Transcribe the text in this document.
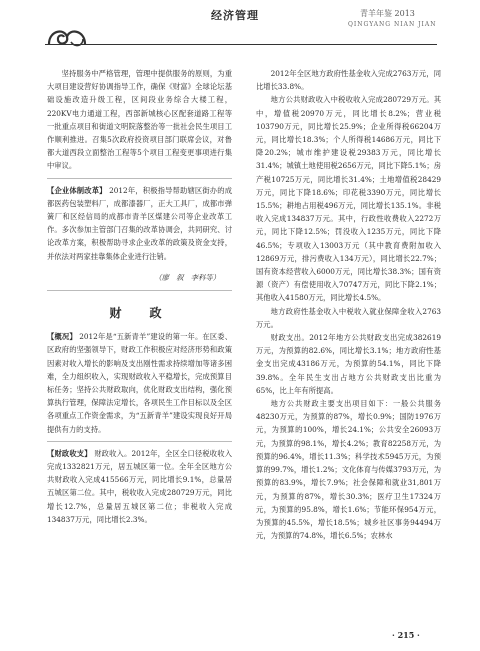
经济管理	青羊年鉴 2013
QINGYANG NIAN JIAN

坚持服务中严格管理，管理中提供服务的原则，为重大项目建设营好协调指导工作，确保《财富》全球论坛基础设施改造升级工程，区间段业务综合大楼工程，220KV电力通道工程，西部新城核心区配套道路工程等一批重点项目和街道文明院落整治等一批社会民生项目工作顺利推进。召集5次政府投资项目部门联席会议，对鲁都大道西段立面整治工程等5个项目工程变更事项进行集中审议。

【企业体制改革】 2012年，积极指导帮助辖区街办的成都医药包装塑料厂，成都漆器厂，正大工具厂，成都市弹簧厂和区经信局的成都市青羊区煤建公司等企业改革工作。多次参加主管部门召集的改革协调会，共同研究、讨论改革方案，积极帮助寻求企业改革的政策及资金支持，并依法对两家挂靠集体企业进行注销。

（廖　叙　李科等）
财　政

【概况】 2012年是“五新青羊”建设的第一年。在区委、区政府的坚强领导下，财政工作积极应对经济形势和政策因素对收入增长的影响及支出刚性需求持续增加等诸多困难，全力组织收入，实现财政收入平稳增长，完成预算目标任务；坚持公共财政取向，优化财政支出结构，强化预算执行管理，保障法定增长，各项民生工作目标以及全区各项重点工作资金需求，为“五新青羊”建设实现良好开局提供有力的支持。

【财政收支】 财政收入。2012年，全区全口径税收收入完成1332821万元，居五城区第一位。全年全区地方公共财政收入完成415566万元，同比增长9.1%，总量居五城区第二位。其中，税收收入完成280729万元，同比增长12.7%，总量居五城区第二位；非税收入完成134837万元，同比增长2.3%。

2012年全区地方政府性基金收入完成2763万元，同比增长33.8%。

地方公共财政收入中税收收入完成280729万元。其中，增值税20970万元，同比增长8.2%；营业税103790万元，同比增长25.9%；企业所得税66204万元，同比增长18.3%；个人所得税14686万元，同比下降20.2%；城市维护建设税29383万元，同比增长31.4%；城镇土地使用税2656万元，同比下降5.1%；房产税10725万元，同比增长31.4%；土地增值税28429万元，同比下降18.6%；印花税3390万元，同比增长15.5%；耕地占用税496万元，同比增长135.1%。非税收入完成134837万元。其中，行政性收费收入2272万元，同比下降12.5%；罚没收入1235万元，同比下降46.5%；专项收入13003万元（其中教育费附加收入12869万元，排污费收入134万元），同比增长22.7%；国有资本经营收入6000万元，同比增长38.3%；国有资源（资产）有偿使用收入70747万元，同比下降2.1%；其他收入41580万元，同比增长4.5%。

地方政府性基金收入中税收入就业保障金收入2763万元。

财政支出。2012年地方公共财政支出完成382619万元，为预算的82.6%，同比增长3.1%；地方政府性基金支出完成43186万元，为预算的54.1%，同比下降39.8%。全年民生支出占地方公共财政支出比重为65%，比上年有所提高。

地方公共财政主要支出项目如下：一般公共服务48230万元，为预算的87%，增长0.9%；国防1976万元，为预算的100%，增长24.1%；公共安全26093万元，为预算的98.1%，增长4.2%；教育82258万元，为预算的96.4%，增长11.3%；科学技术5945万元，为预算的99.7%，增长1.2%；文化体育与传媒3793万元，为预算的83.9%，增长7.9%；社会保障和就业31,801万元，为预算的87%，增长30.3%；医疗卫生17324万元，为预算的95.8%，增长1.6%；节能环保954万元，为预算的45.5%，增长18.5%；城乡社区事务94494万元，为预算的74.8%，增长6.5%；农林水

· 215 ·
